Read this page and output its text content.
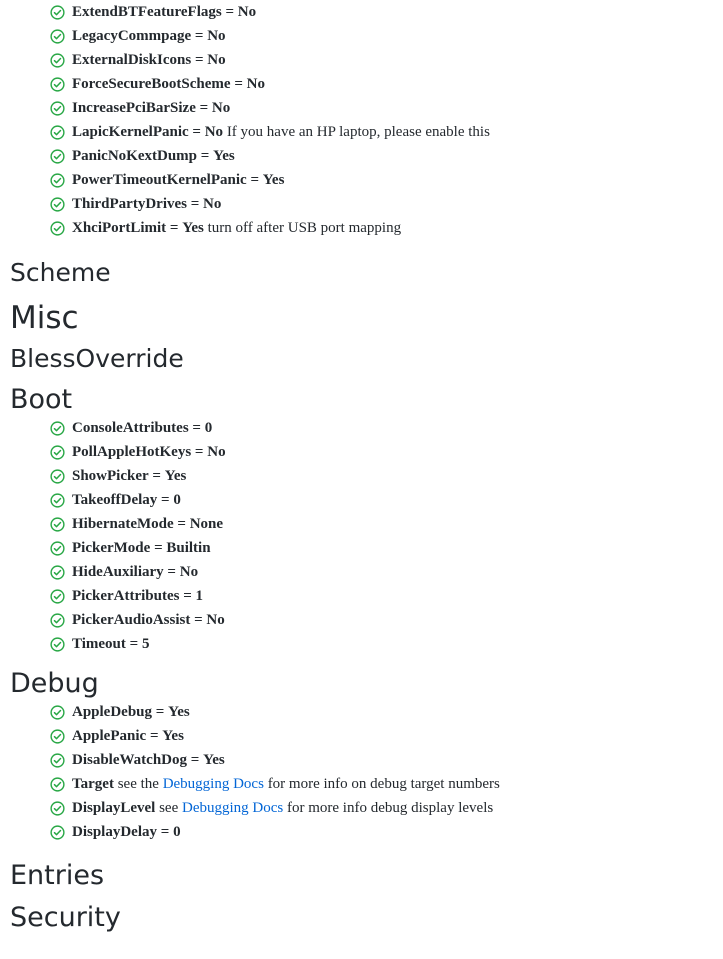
ExtendBTFeatureFlags
=
No
LegacyCommpage
=
No
ExternalDiskIcons
=
No
ForceSecureBootScheme
=
No
IncreasePciBarSize
=
No
LapicKernelPanic
=
No
If you have an HP laptop, please enable this
PanicNoKextDump
=
Yes
PowerTimeoutKernelPanic
=
Yes
ThirdPartyDrives
=
No
XhciPortLimit
=
Yes
turn off after USB port mapping
Scheme
Misc
BlessOverride
Boot
ConsoleAttributes
=
0
PollAppleHotKeys
=
No
ShowPicker
=
Yes
TakeoffDelay
=
0
HibernateMode
=
None
PickerMode
=
Builtin
HideAuxiliary
=
No
PickerAttributes
=
1
PickerAudioAssist
=
No
Timeout
=
5
Debug
AppleDebug
=
Yes
ApplePanic
=
Yes
DisableWatchDog
=
Yes
Target
see the
Debugging Docs
for more info on debug target numbers
DisplayLevel
see
Debugging Docs
for more info debug display levels
DisplayDelay
=
0
Entries
Security
